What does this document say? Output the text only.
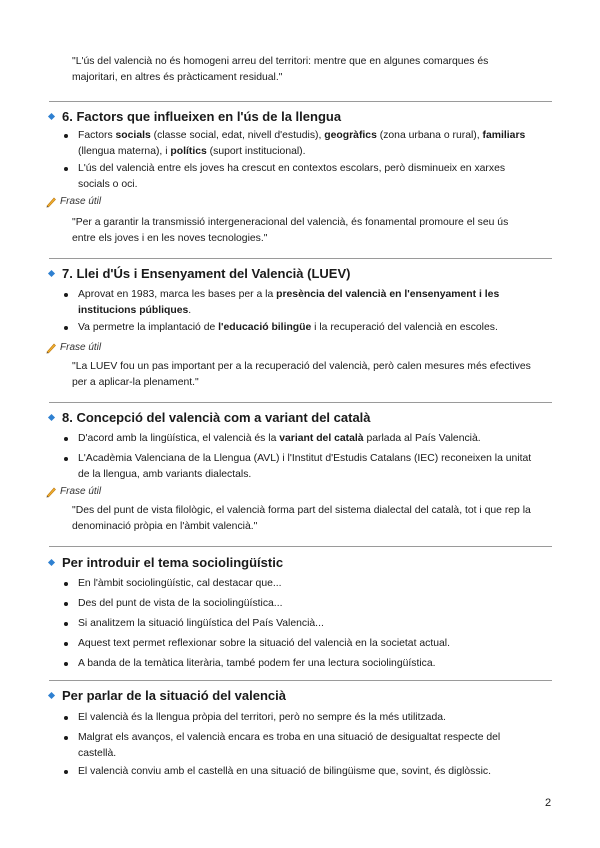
"L'ús del valencià no és homogeni arreu del territori: mentre que en algunes comarques és majoritari, en altres és pràcticament residual."
6. Factors que influeixen en l'ús de la llengua
Factors socials (classe social, edat, nivell d'estudis), geogràfics (zona urbana o rural), familiars (llengua materna), i polítics (suport institucional).
L'ús del valencià entre els joves ha crescut en contextos escolars, però disminueix en xarxes socials o oci.
Frase útil
"Per a garantir la transmissió intergeneracional del valencià, és fonamental promoure el seu ús entre els joves i en les noves tecnologies."
7. Llei d'Ús i Ensenyament del Valencià (LUEV)
Aprovat en 1983, marca les bases per a la presència del valencià en l'ensenyament i les institucions públiques.
Va permetre la implantació de l'educació bilingüe i la recuperació del valencià en escoles.
Frase útil
"La LUEV fou un pas important per a la recuperació del valencià, però calen mesures més efectives per a aplicar-la plenament."
8. Concepció del valencià com a variant del català
D'acord amb la lingüística, el valencià és la variant del català parlada al País Valencià.
L'Acadèmia Valenciana de la Llengua (AVL) i l'Institut d'Estudis Catalans (IEC) reconeixen la unitat de la llengua, amb variants dialectals.
Frase útil
"Des del punt de vista filològic, el valencià forma part del sistema dialectal del català, tot i que rep la denominació pròpia en l'àmbit valencià."
Per introduir el tema sociolingüístic
En l'àmbit sociolingüístic, cal destacar que...
Des del punt de vista de la sociolingüística...
Si analitzem la situació lingüística del País Valencià...
Aquest text permet reflexionar sobre la situació del valencià en la societat actual.
A banda de la temàtica literària, també podem fer una lectura sociolingüística.
Per parlar de la situació del valencià
El valencià és la llengua pròpia del territori, però no sempre és la més utilitzada.
Malgrat els avanços, el valencià encara es troba en una situació de desigualtat respecte del castellà.
El valencià conviu amb el castellà en una situació de bilingüisme que, sovint, és diglòssic.
2
